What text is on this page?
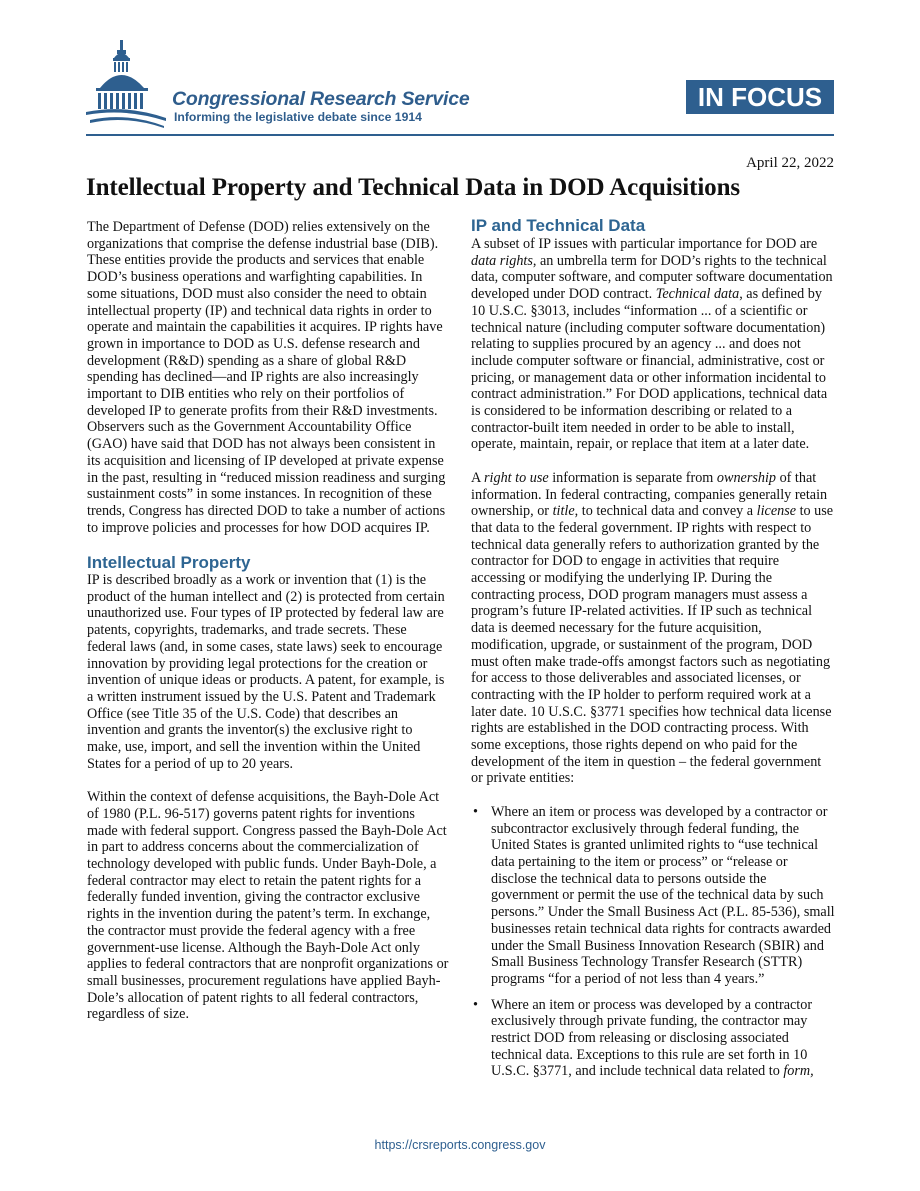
Congressional Research Service
Informing the legislative debate since 1914
IN FOCUS
April 22, 2022
Intellectual Property and Technical Data in DOD Acquisitions

The Department of Defense (DOD) relies extensively on the organizations that comprise the defense industrial base (DIB). These entities provide the products and services that enable DOD’s business operations and warfighting capabilities. In some situations, DOD must also consider the need to obtain intellectual property (IP) and technical data rights in order to operate and maintain the capabilities it acquires. IP rights have grown in importance to DOD as U.S. defense research and development (R&D) spending as a share of global R&D spending has declined—and IP rights are also increasingly important to DIB entities who rely on their portfolios of developed IP to generate profits from their R&D investments. Observers such as the Government Accountability Office (GAO) have said that DOD has not always been consistent in its acquisition and licensing of IP developed at private expense in the past, resulting in “reduced mission readiness and surging sustainment costs” in some instances. In recognition of these trends, Congress has directed DOD to take a number of actions to improve policies and processes for how DOD acquires IP.

Intellectual Property

IP is described broadly as a work or invention that (1) is the product of the human intellect and (2) is protected from certain unauthorized use. Four types of IP protected by federal law are patents, copyrights, trademarks, and trade secrets. These federal laws (and, in some cases, state laws) seek to encourage innovation by providing legal protections for the creation or invention of unique ideas or products. A patent, for example, is a written instrument issued by the U.S. Patent and Trademark Office (see Title 35 of the U.S. Code) that describes an invention and grants the inventor(s) the exclusive right to make, use, import, and sell the invention within the United States for a period of up to 20 years.

Within the context of defense acquisitions, the Bayh-Dole Act of 1980 (P.L. 96-517) governs patent rights for inventions made with federal support. Congress passed the Bayh-Dole Act in part to address concerns about the commercialization of technology developed with public funds. Under Bayh-Dole, a federal contractor may elect to retain the patent rights for a federally funded invention, giving the contractor exclusive rights in the invention during the patent’s term. In exchange, the contractor must provide the federal agency with a free government-use license. Although the Bayh-Dole Act only applies to federal contractors that are nonprofit organizations or small businesses, procurement regulations have applied Bayh-Dole’s allocation of patent rights to all federal contractors, regardless of size.

IP and Technical Data

A subset of IP issues with particular importance for DOD are data rights, an umbrella term for DOD’s rights to the technical data, computer software, and computer software documentation developed under DOD contract. Technical data, as defined by 10 U.S.C. §3013, includes “information ... of a scientific or technical nature (including computer software documentation) relating to supplies procured by an agency ... and does not include computer software or financial, administrative, cost or pricing, or management data or other information incidental to contract administration.” For DOD applications, technical data is considered to be information describing or related to a contractor-built item needed in order to be able to install, operate, maintain, repair, or replace that item at a later date.

A right to use information is separate from ownership of that information. In federal contracting, companies generally retain ownership, or title, to technical data and convey a license to use that data to the federal government. IP rights with respect to technical data generally refers to authorization granted by the contractor for DOD to engage in activities that require accessing or modifying the underlying IP. During the contracting process, DOD program managers must assess a program’s future IP-related activities. If IP such as technical data is deemed necessary for the future acquisition, modification, upgrade, or sustainment of the program, DOD must often make trade-offs amongst factors such as negotiating for access to those deliverables and associated licenses, or contracting with the IP holder to perform required work at a later date. 10 U.S.C. §3771 specifies how technical data license rights are established in the DOD contracting process. With some exceptions, those rights depend on who paid for the development of the item in question – the federal government or private entities:

• Where an item or process was developed by a contractor or subcontractor exclusively through federal funding, the United States is granted unlimited rights to “use technical data pertaining to the item or process” or “release or disclose the technical data to persons outside the government or permit the use of the technical data by such persons.” Under the Small Business Act (P.L. 85-536), small businesses retain technical data rights for contracts awarded under the Small Business Innovation Research (SBIR) and Small Business Technology Transfer Research (STTR) programs “for a period of not less than 4 years.”
• Where an item or process was developed by a contractor exclusively through private funding, the contractor may restrict DOD from releasing or disclosing associated technical data. Exceptions to this rule are set forth in 10 U.S.C. §3771, and include technical data related to form,
https://crsreports.congress.gov
